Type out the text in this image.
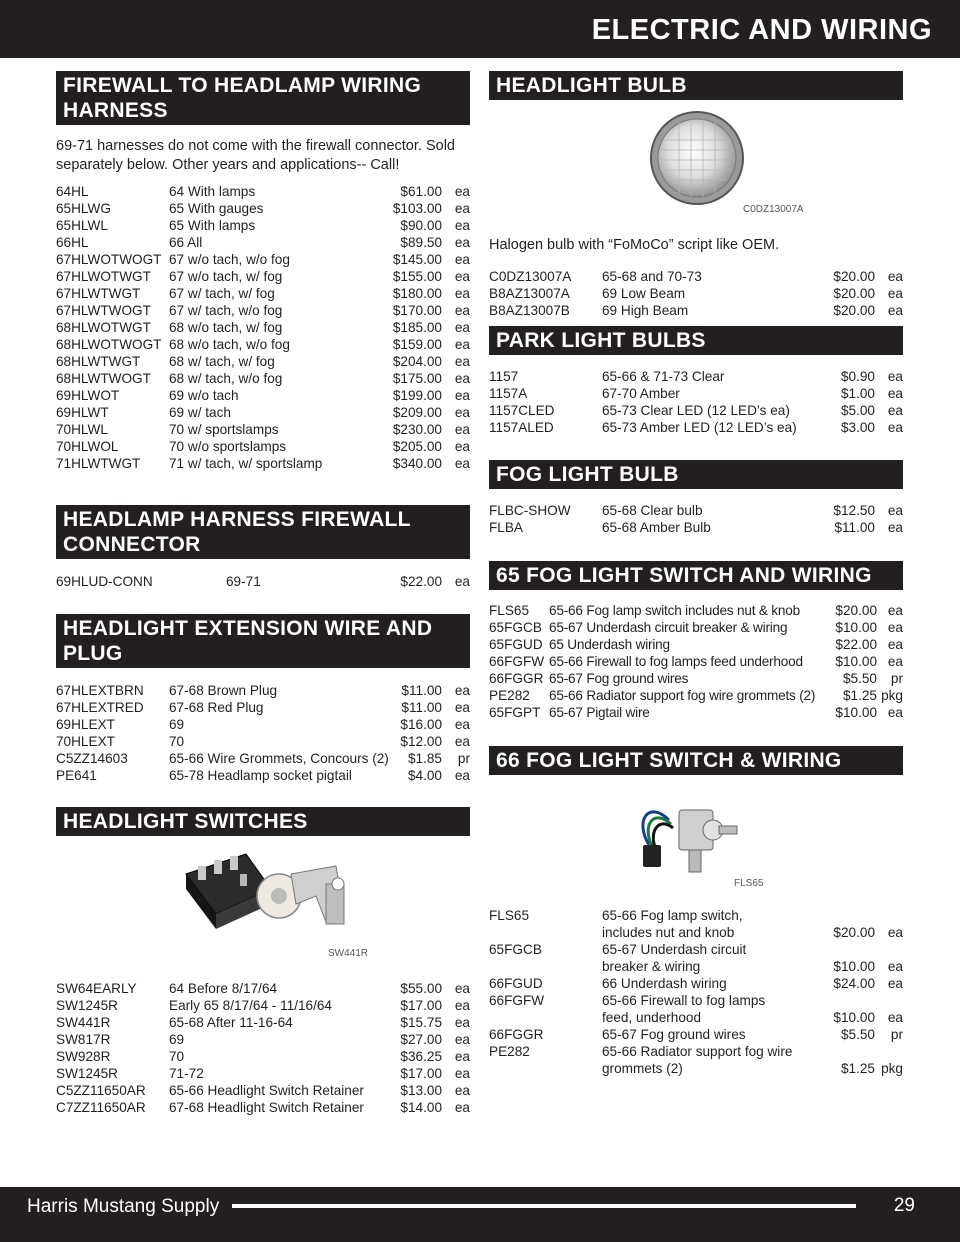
ELECTRIC AND WIRING
FIREWALL TO HEADLAMP WIRING HARNESS
69-71 harnesses do not come with the firewall connector. Sold separately below. Other years and applications-- Call!
64HL	64 With lamps	$61.00 ea
65HLWG	65 With gauges	$103.00 ea
65HLWL	65 With lamps	$90.00 ea
66HL	66 All	$89.50 ea
67HLWOTWOGT 67 w/o tach, w/o fog	$145.00 ea
67HLWOTWGT	67 w/o tach, w/ fog	$155.00 ea
67HLWTWGT	67 w/ tach, w/ fog	$180.00 ea
67HLWTWOGT	67 w/ tach, w/o fog	$170.00 ea
68HLWOTWGT	68 w/o tach, w/ fog	$185.00 ea
68HLWOTWOGT 68 w/o tach, w/o fog	$159.00 ea
68HLWTWGT	68 w/ tach, w/ fog	$204.00 ea
68HLWTWOGT	68 w/ tach, w/o fog	$175.00 ea
69HLWOT	69 w/o tach	$199.00 ea
69HLWT	69 w/ tach	$209.00 ea
70HLWL	70 w/ sportslamps	$230.00 ea
70HLWOL	70 w/o sportslamps	$205.00 ea
71HLWTWGT	71 w/ tach, w/ sportslamp	$340.00 ea
HEADLAMP HARNESS FIREWALL CONNECTOR
69HLUD-CONN	69-71	$22.00 ea
HEADLIGHT EXTENSION WIRE AND PLUG
67HLEXTBRN	67-68 Brown Plug	$11.00 ea
67HLEXTRED	67-68 Red Plug	$11.00 ea
69HLEXT	69	$16.00 ea
70HLEXT	70	$12.00 ea
C5ZZ14603	65-66 Wire Grommets, Concours (2)	$1.85	pr
PE641	65-78 Headlamp socket pigtail	$4.00 ea
HEADLIGHT SWITCHES
SW441R
SW64EARLY	64 Before 8/17/64	$55.00 ea
SW1245R	Early 65 8/17/64 - 11/16/64	$17.00 ea
SW441R	65-68 After 11-16-64	$15.75 ea
SW817R	69	$27.00 ea
SW928R	70	$36.25 ea
SW1245R	71-72	$17.00 ea
C5ZZ11650AR	65-66 Headlight Switch Retainer	$13.00 ea
C7ZZ11650AR	67-68 Headlight Switch Retainer	$14.00 ea
HEADLIGHT BULB
C0DZ13007A
Halogen bulb with “FoMoCo” script like OEM.
C0DZ13007A	65-68 and 70-73	$20.00 ea
B8AZ13007A	69 Low Beam	$20.00 ea
B8AZ13007B	69 High Beam	$20.00 ea
PARK LIGHT BULBS
1157	65-66 & 71-73 Clear	$0.90 ea
1157A	67-70 Amber	$1.00 ea
1157CLED	65-73 Clear LED (12 LED’s ea)	$5.00 ea
1157ALED	65-73 Amber LED (12 LED’s ea)	$3.00 ea
FOG LIGHT BULB
FLBC-SHOW	65-68 Clear bulb	$12.50 ea
FLBA	65-68 Amber Bulb	$11.00 ea
65 FOG LIGHT SWITCH AND WIRING
FLS65	65-66 Fog lamp switch includes nut & knob	$20.00 ea
65FGCB 65-67 Underdash circuit breaker & wiring	$10.00 ea
65FGUD 65 Underdash wiring	$22.00 ea
66FGFW 65-66 Firewall to fog lamps feed underhood	$10.00 ea
66FGGR 65-67 Fog ground wires	$5.50	pr
PE282	65-66 Radiator support fog wire grommets (2)	$1.25 pkg
65FGPT 65-67 Pigtail wire	$10.00 ea
66 FOG LIGHT SWITCH & WIRING
FLS65
FLS65	65-66 Fog lamp switch, includes nut and knob	$20.00 ea
65FGCB	65-67 Underdash circuit breaker & wiring	$10.00 ea
66FGUD	66 Underdash wiring	$24.00 ea
66FGFW	65-66 Firewall to fog lamps feed, underhood	$10.00 ea
66FGGR	65-67 Fog ground wires	$5.50	pr
PE282	65-66 Radiator support fog wire grommets (2)	$1.25 pkg
Harris Mustang Supply	29
